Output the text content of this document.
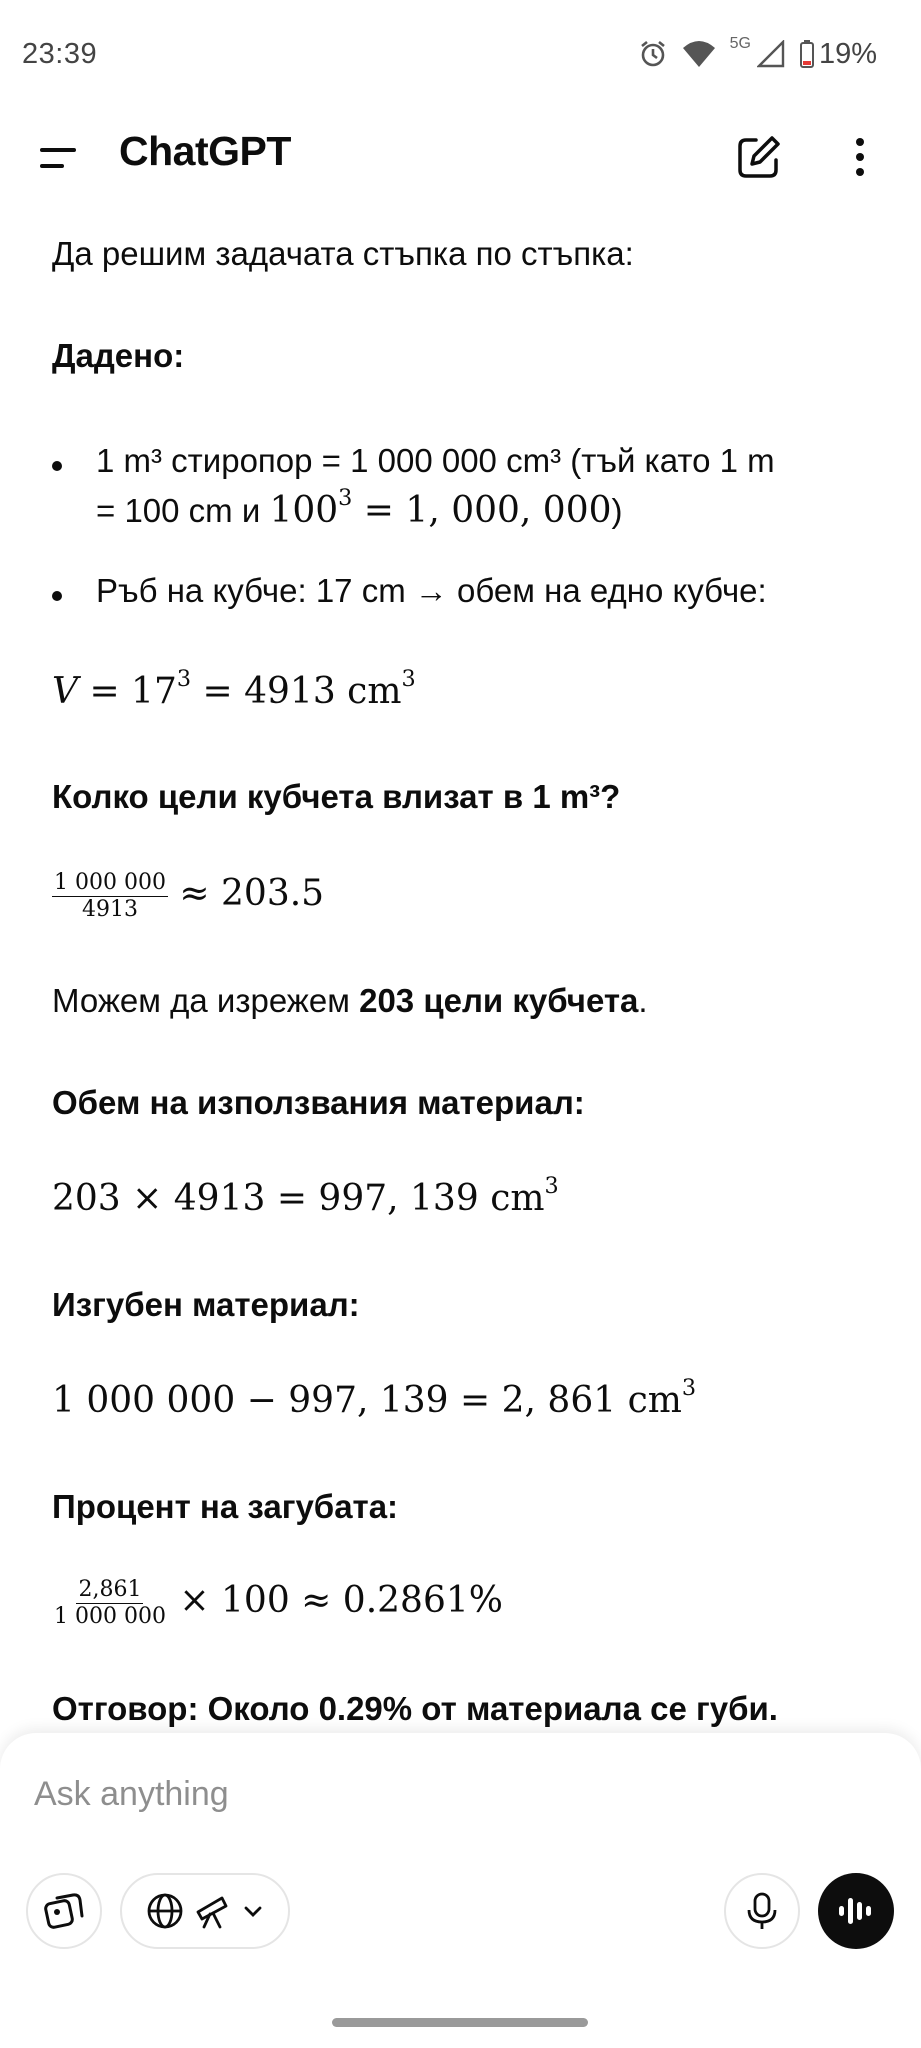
23:39	5G 19%
ChatGPT
Да решим задачата стъпка по стъпка:
Дадено:
1 m³ стиропор = 1 000 000 cm³ (тъй като 1 m
= 100 cm и $100^3 = 1$, 000, 000)
Ръб на кубче: 17 cm → обем на едно кубче:
$V = 17^3 = 4913$ $cm^3$
Колко цели кубчета влизат в 1 m³?
$\frac{1 000 000}{4913} \approx 203.5$
Можем да изрежем 203 цели кубчета.
Обем на използвания материал:
203 × 4913 = 997, 139 $cm^3$
Изгубен материал:
1 000 000 − 997, 139 = 2, 861 $cm^3$
Процент на загубата:
$\frac{2,861}{1 000 000} \times 100 \approx 0.2861\%$
Отговор: Около 0.29% от материала се губи.
Ask anything
